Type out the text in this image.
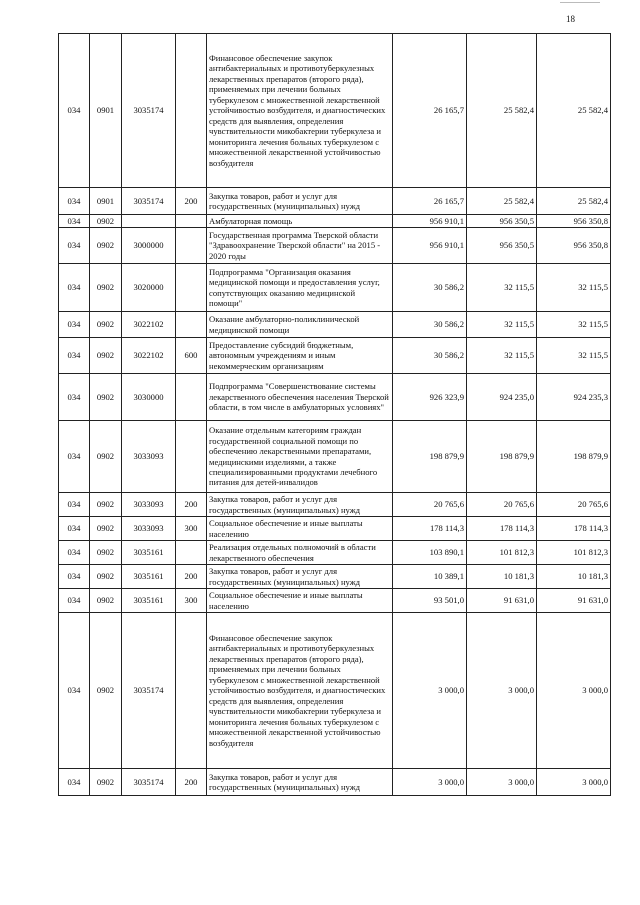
18
034	0901	3035174		Финансовое обеспечение закупок антибактериальных и противотуберкулезных лекарственных препаратов (второго ряда), применяемых при лечении больных туберкулезом с множественной лекарственной устойчивостью возбудителя, и диагностических средств для выявления, определения чувствительности микобактерии туберкулеза и мониторинга лечения больных туберкулезом с множественной лекарственной устойчивостью возбудителя	26 165,7	25 582,4	25 582,4
034	0901	3035174	200	Закупка товаров, работ и услуг для государственных (муниципальных) нужд	26 165,7	25 582,4	25 582,4
034	0902			Амбулаторная помощь	956 910,1	956 350,5	956 350,8
034	0902	3000000		Государственная программа Тверской области "Здравоохранение Тверской области" на 2015 - 2020 годы	956 910,1	956 350,5	956 350,8
034	0902	3020000		Подпрограмма "Организация оказания медицинской помощи и предоставления услуг, сопутствующих оказанию медицинской помощи"	30 586,2	32 115,5	32 115,5
034	0902	3022102		Оказание амбулаторно-поликлинической медицинской помощи	30 586,2	32 115,5	32 115,5
034	0902	3022102	600	Предоставление субсидий бюджетным, автономным учреждениям и иным некоммерческим организациям	30 586,2	32 115,5	32 115,5
034	0902	3030000		Подпрограмма "Совершенствование системы лекарственного обеспечения населения Тверской области, в том числе в амбулаторных условиях"	926 323,9	924 235,0	924 235,3
034	0902	3033093		Оказание отдельным категориям граждан государственной социальной помощи по обеспечению лекарственными препаратами, медицинскими изделиями, а также специализированными продуктами лечебного питания для детей-инвалидов	198 879,9	198 879,9	198 879,9
034	0902	3033093	200	Закупка товаров, работ и услуг для государственных (муниципальных) нужд	20 765,6	20 765,6	20 765,6
034	0902	3033093	300	Социальное обеспечение и иные выплаты населению	178 114,3	178 114,3	178 114,3
034	0902	3035161		Реализация отдельных полномочий в области лекарственного обеспечения	103 890,1	101 812,3	101 812,3
034	0902	3035161	200	Закупка товаров, работ и услуг для государственных (муниципальных) нужд	10 389,1	10 181,3	10 181,3
034	0902	3035161	300	Социальное обеспечение и иные выплаты населению	93 501,0	91 631,0	91 631,0
034	0902	3035174		Финансовое обеспечение закупок антибактериальных и противотуберкулезных лекарственных препаратов (второго ряда), применяемых при лечении больных туберкулезом с множественной лекарственной устойчивостью возбудителя, и диагностических средств для выявления, определения чувствительности микобактерии туберкулеза и мониторинга лечения больных туберкулезом с множественной лекарственной устойчивостью возбудителя	3 000,0	3 000,0	3 000,0
034	0902	3035174	200	Закупка товаров, работ и услуг для государственных (муниципальных) нужд	3 000,0	3 000,0	3 000,0
